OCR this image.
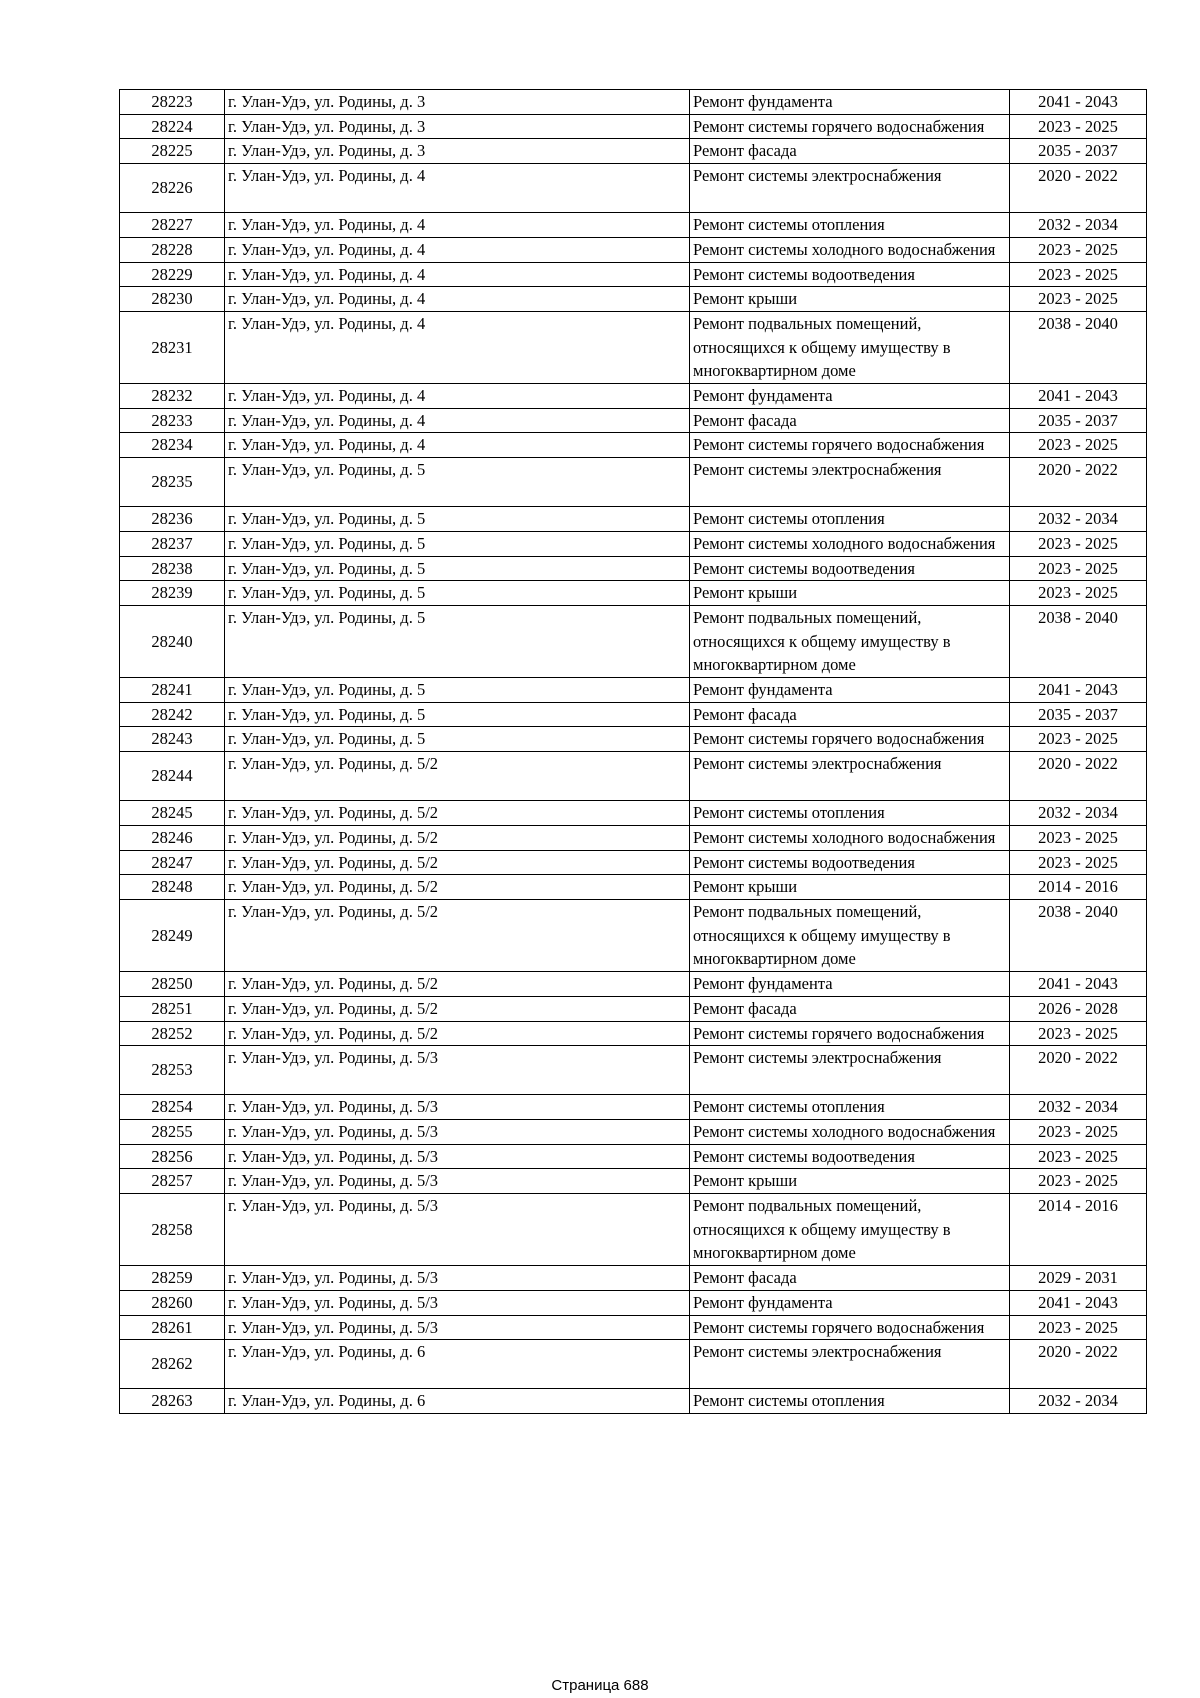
28223	г. Улан-Удэ, ул. Родины, д. 3	Ремонт фундамента	2041 - 2043
28224	г. Улан-Удэ, ул. Родины, д. 3	Ремонт системы горячего водоснабжения	2023 - 2025
28225	г. Улан-Удэ, ул. Родины, д. 3	Ремонт фасада	2035 - 2037
28226	г. Улан-Удэ, ул. Родины, д. 4	Ремонт системы электроснабжения	2020 - 2022
28227	г. Улан-Удэ, ул. Родины, д. 4	Ремонт системы отопления	2032 - 2034
28228	г. Улан-Удэ, ул. Родины, д. 4	Ремонт системы холодного водоснабжения	2023 - 2025
28229	г. Улан-Удэ, ул. Родины, д. 4	Ремонт системы водоотведения	2023 - 2025
28230	г. Улан-Удэ, ул. Родины, д. 4	Ремонт крыши	2023 - 2025
28231	г. Улан-Удэ, ул. Родины, д. 4	Ремонт подвальных помещений, относящихся к общему имуществу в многоквартирном доме	2038 - 2040
28232	г. Улан-Удэ, ул. Родины, д. 4	Ремонт фундамента	2041 - 2043
28233	г. Улан-Удэ, ул. Родины, д. 4	Ремонт фасада	2035 - 2037
28234	г. Улан-Удэ, ул. Родины, д. 4	Ремонт системы горячего водоснабжения	2023 - 2025
28235	г. Улан-Удэ, ул. Родины, д. 5	Ремонт системы электроснабжения	2020 - 2022
28236	г. Улан-Удэ, ул. Родины, д. 5	Ремонт системы отопления	2032 - 2034
28237	г. Улан-Удэ, ул. Родины, д. 5	Ремонт системы холодного водоснабжения	2023 - 2025
28238	г. Улан-Удэ, ул. Родины, д. 5	Ремонт системы водоотведения	2023 - 2025
28239	г. Улан-Удэ, ул. Родины, д. 5	Ремонт крыши	2023 - 2025
28240	г. Улан-Удэ, ул. Родины, д. 5	Ремонт подвальных помещений, относящихся к общему имуществу в многоквартирном доме	2038 - 2040
28241	г. Улан-Удэ, ул. Родины, д. 5	Ремонт фундамента	2041 - 2043
28242	г. Улан-Удэ, ул. Родины, д. 5	Ремонт фасада	2035 - 2037
28243	г. Улан-Удэ, ул. Родины, д. 5	Ремонт системы горячего водоснабжения	2023 - 2025
28244	г. Улан-Удэ, ул. Родины, д. 5/2	Ремонт системы электроснабжения	2020 - 2022
28245	г. Улан-Удэ, ул. Родины, д. 5/2	Ремонт системы отопления	2032 - 2034
28246	г. Улан-Удэ, ул. Родины, д. 5/2	Ремонт системы холодного водоснабжения	2023 - 2025
28247	г. Улан-Удэ, ул. Родины, д. 5/2	Ремонт системы водоотведения	2023 - 2025
28248	г. Улан-Удэ, ул. Родины, д. 5/2	Ремонт крыши	2014 - 2016
28249	г. Улан-Удэ, ул. Родины, д. 5/2	Ремонт подвальных помещений, относящихся к общему имуществу в многоквартирном доме	2038 - 2040
28250	г. Улан-Удэ, ул. Родины, д. 5/2	Ремонт фундамента	2041 - 2043
28251	г. Улан-Удэ, ул. Родины, д. 5/2	Ремонт фасада	2026 - 2028
28252	г. Улан-Удэ, ул. Родины, д. 5/2	Ремонт системы горячего водоснабжения	2023 - 2025
28253	г. Улан-Удэ, ул. Родины, д. 5/3	Ремонт системы электроснабжения	2020 - 2022
28254	г. Улан-Удэ, ул. Родины, д. 5/3	Ремонт системы отопления	2032 - 2034
28255	г. Улан-Удэ, ул. Родины, д. 5/3	Ремонт системы холодного водоснабжения	2023 - 2025
28256	г. Улан-Удэ, ул. Родины, д. 5/3	Ремонт системы водоотведения	2023 - 2025
28257	г. Улан-Удэ, ул. Родины, д. 5/3	Ремонт крыши	2023 - 2025
28258	г. Улан-Удэ, ул. Родины, д. 5/3	Ремонт подвальных помещений, относящихся к общему имуществу в многоквартирном доме	2014 - 2016
28259	г. Улан-Удэ, ул. Родины, д. 5/3	Ремонт фасада	2029 - 2031
28260	г. Улан-Удэ, ул. Родины, д. 5/3	Ремонт фундамента	2041 - 2043
28261	г. Улан-Удэ, ул. Родины, д. 5/3	Ремонт системы горячего водоснабжения	2023 - 2025
28262	г. Улан-Удэ, ул. Родины, д. 6	Ремонт системы электроснабжения	2020 - 2022
28263	г. Улан-Удэ, ул. Родины, д. 6	Ремонт системы отопления	2032 - 2034
Страница 688
